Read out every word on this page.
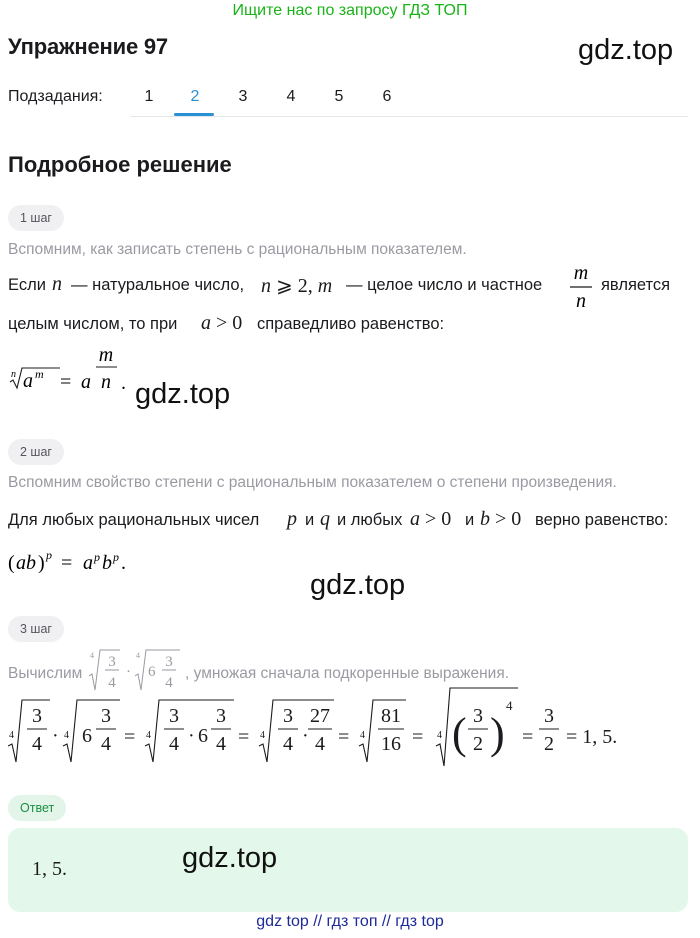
Ищите нас по запросу ГДЗ ТОП
Упражнение 97	gdz.top
Подзадания:	1	2	3	4	5	6
Подробное решение
1 шаг
Вспомним, как записать степень с рациональным показателем.
Если n — натуральное число, n ⩾ 2, m — целое число и частное
m
n
является
целым числом, то при a > 0 справедливо равенство:
n a m = a
m
n . gdz.top
2 шаг
Вспомним свойство степени с рациональным показателем о степени произведения.
Для любых рациональных чисел p и q и любых a > 0 и b > 0 верно равенство:
( ab ) p = a p b p .
gdz.top
3 шаг
Вычислим
4 3
4
·
4
6
3
4
, умножая сначала подкоренные выражения.
4
3
4 · 4 6
3
4 = 4
3
4 · 6
3
4 = 4
3
4 ·
27
4 = 4
81
16 = 4 ( 3
2 )
4
=
3
2 = 1, 5.
Ответ
1, 5.	gdz.top
gdz top // гдз топ // гдз top
